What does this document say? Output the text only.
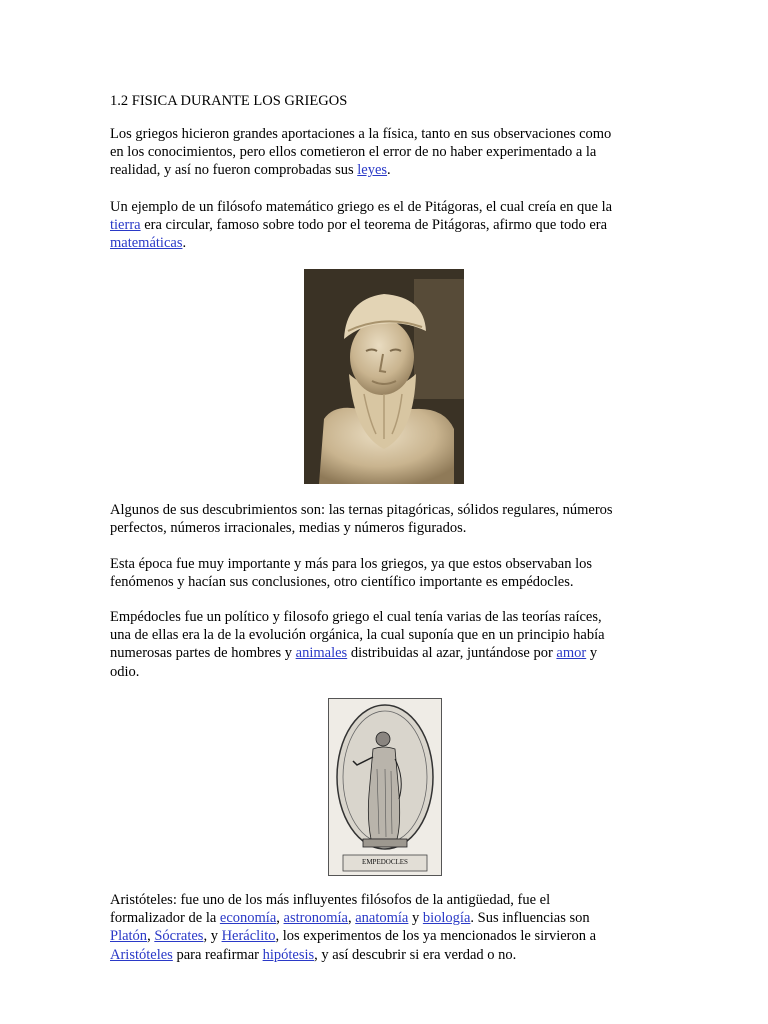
1.2 FISICA DURANTE LOS GRIEGOS

Los griegos hicieron grandes aportaciones a la física, tanto en sus observaciones como
en los conocimientos, pero ellos cometieron el error de no haber experimentado a la
realidad, y así no fueron comprobadas sus leyes.

Un ejemplo de un filósofo matemático griego es el de Pitágoras, el cual creía en que la
tierra era circular, famoso sobre todo por el teorema de Pitágoras, afirmo que todo era
matemáticas.

Algunos de sus descubrimientos son: las ternas pitagóricas, sólidos regulares, números
perfectos, números irracionales, medias y números figurados.

Esta época fue muy importante y más para los griegos, ya que estos observaban los
fenómenos y hacían sus conclusiones, otro científico importante es empédocles.

Empédocles fue un político y filosofo griego el cual tenía varias de las teorías raíces,
una de ellas era la de la evolución orgánica, la cual suponía que en un principio había
numerosas partes de hombres y animales distribuidas al azar, juntándose por amor y
odio.

Aristóteles: fue uno de los más influyentes filósofos de la antigüedad, fue el
formalizador de la economía, astronomía, anatomía y biología. Sus influencias son
Platón, Sócrates, y Heráclito, los experimentos de los ya mencionados le sirvieron a
Aristóteles para reafirmar hipótesis, y así descubrir si era verdad o no.

EMPEDOCLES
